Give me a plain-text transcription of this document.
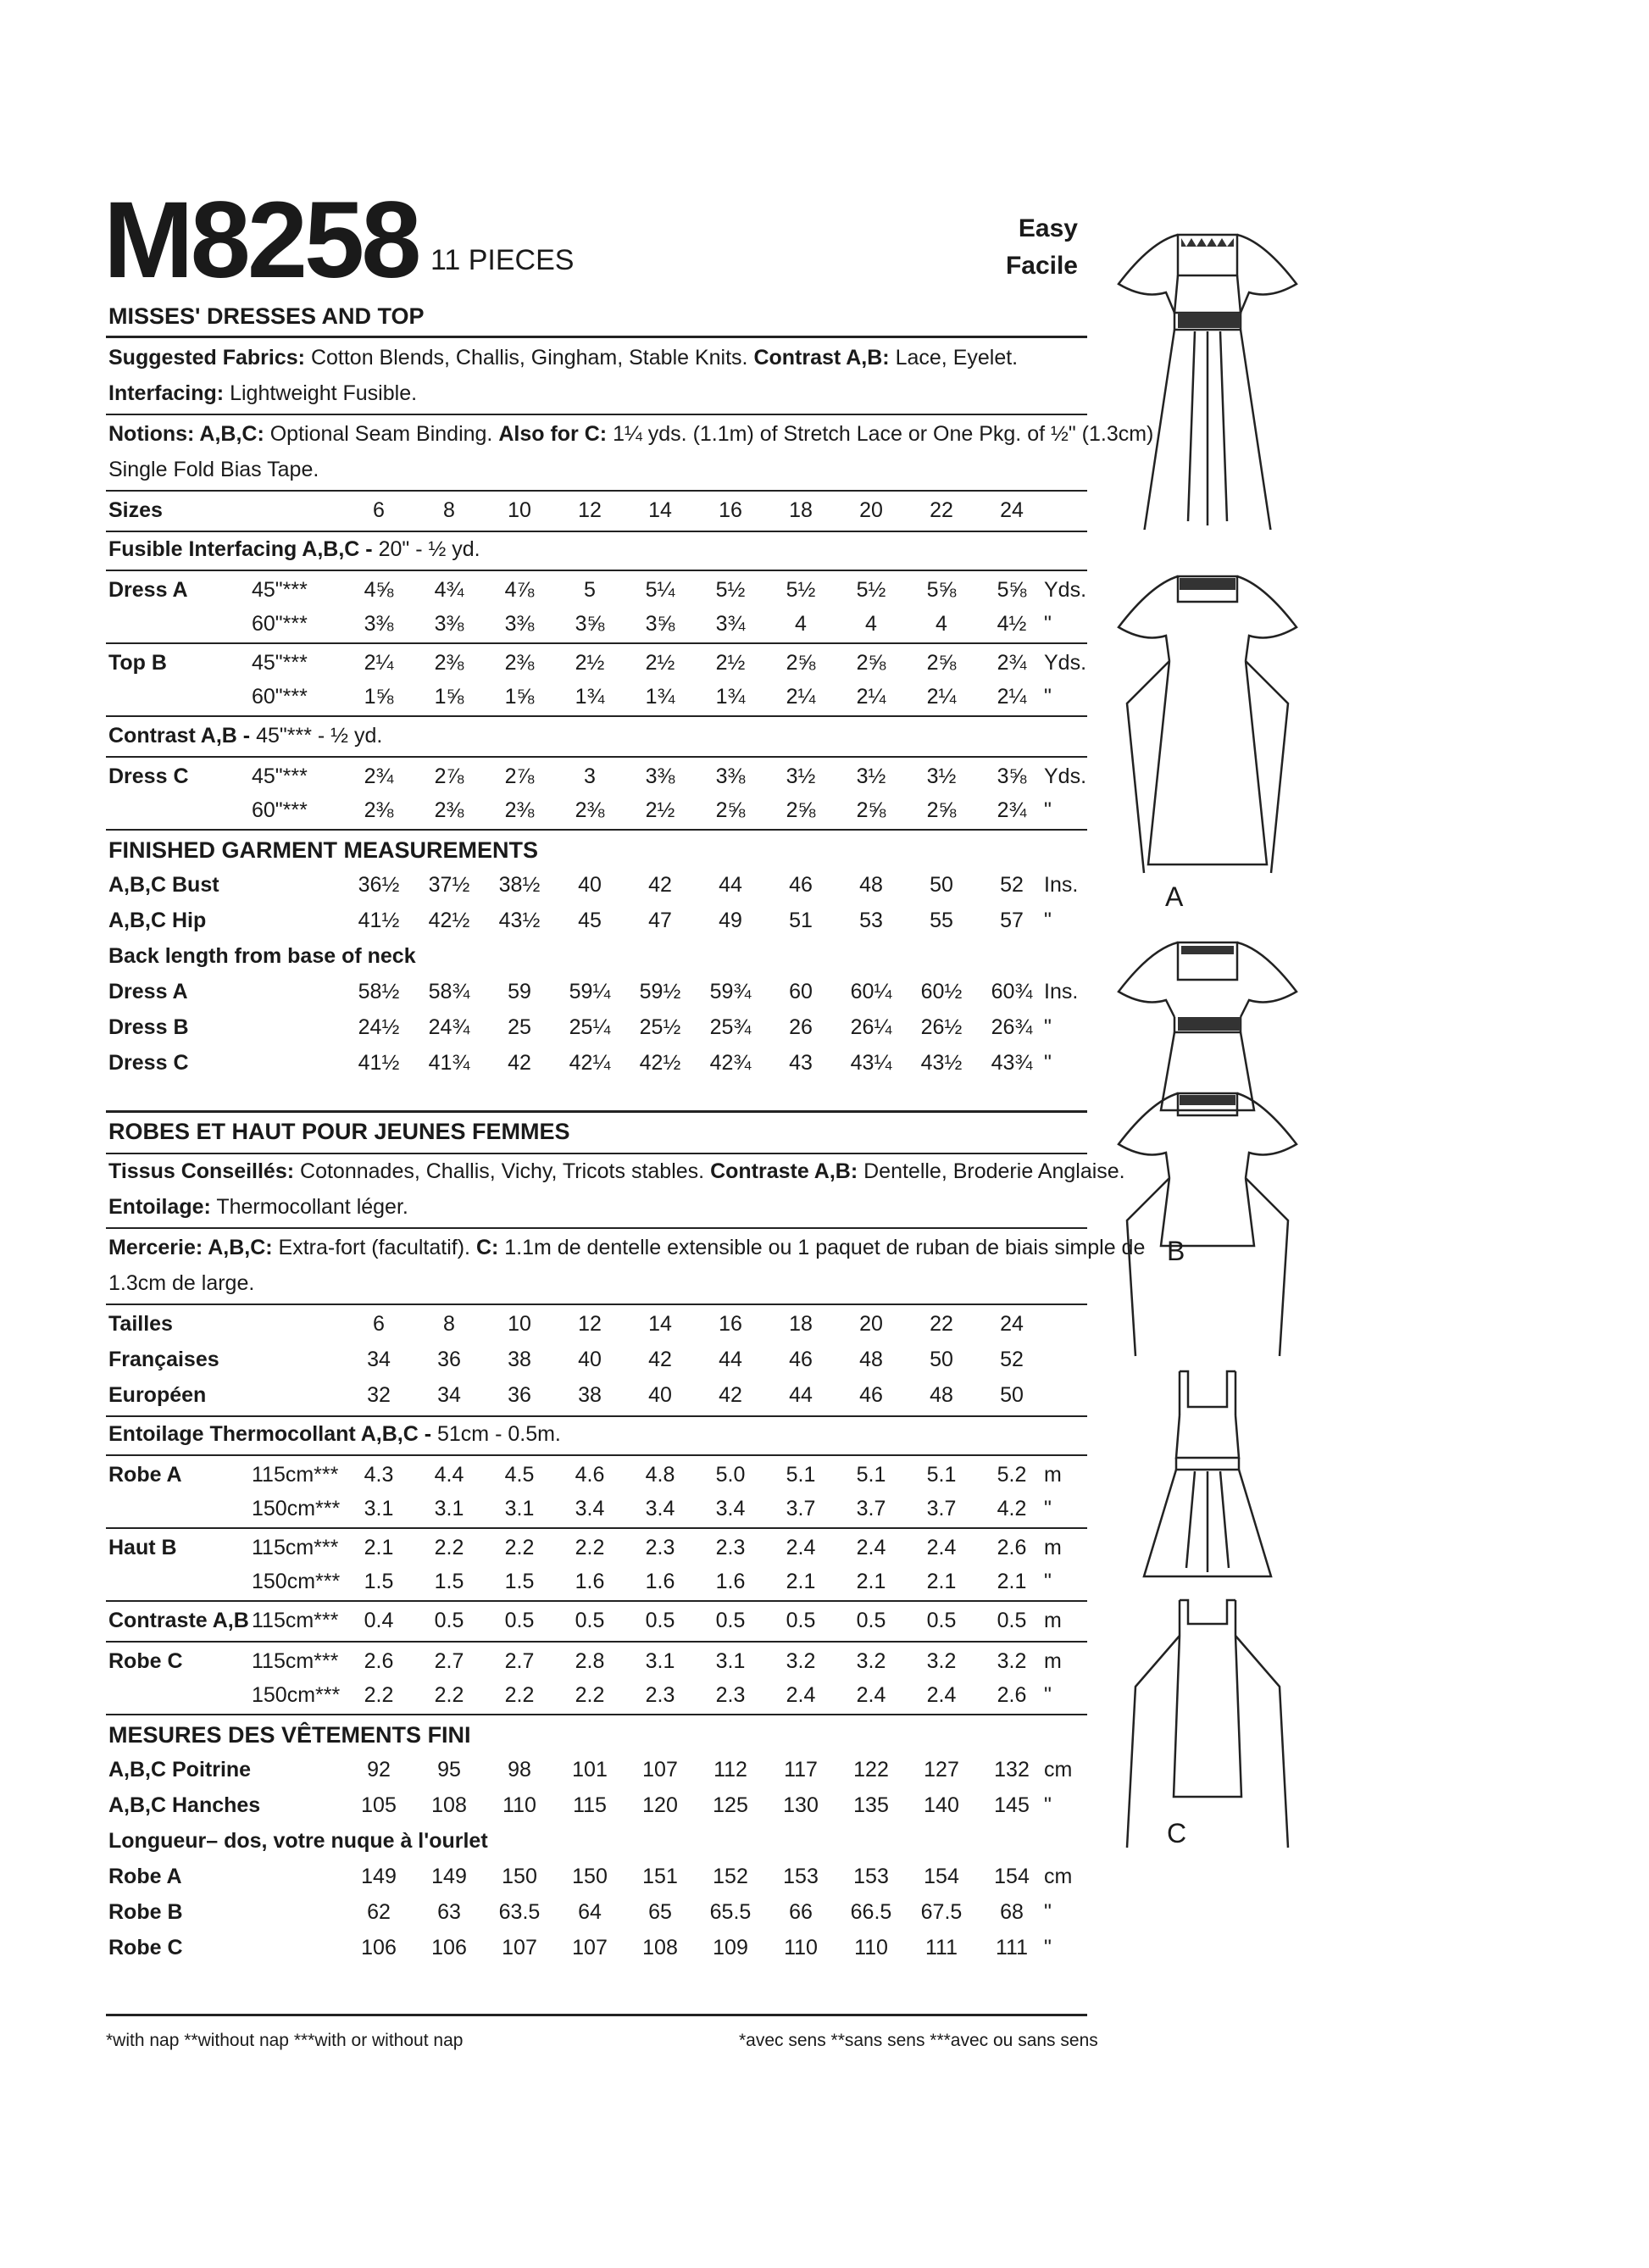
M8258 11 PIECES
Easy
Facile
MISSES' DRESSES AND TOP
Suggested Fabrics: Cotton Blends, Challis, Gingham, Stable Knits. Contrast A,B: Lace, Eyelet.
Interfacing: Lightweight Fusible.
Notions: A,B,C: Optional Seam Binding. Also for C: 1¼ yds. (1.1m) of Stretch Lace or One Pkg. of ½" (1.3cm)
Single Fold Bias Tape.
Sizes	6	8	10	12	14	16	18	20	22	24
Fusible Interfacing A,B,C - 20" - ½ yd.
Dress A	45"***	4⅝	4¾	4⅞	5	5¼	5½	5½	5½	5⅝	5⅝ Yds.
60"***	3⅜	3⅜	3⅜	3⅝	3⅝	3¾	4	4	4	4½ "
Top B	45"***	2¼	2⅜	2⅜	2½	2½	2½	2⅝	2⅝	2⅝	2¾ Yds.
60"***	1⅝	1⅝	1⅝	1¾	1¾	1¾	2¼	2¼	2¼	2¼ "
Contrast A,B - 45"*** - ½ yd.
Dress C	45"***	2¾	2⅞	2⅞	3	3⅜	3⅜	3½	3½	3½	3⅝ Yds.
60"***	2⅜	2⅜	2⅜	2⅜	2½	2⅝	2⅝	2⅝	2⅝	2¾ "
FINISHED GARMENT MEASUREMENTS
A,B,C Bust	36½	37½	38½	40	42	44	46	48	50	52 Ins.
A,B,C Hip	41½	42½	43½	45	47	49	51	53	55	57 "
Back length from base of neck
Dress A	58½	58¾	59	59¼	59½	59¾	60	60¼	60½	60¾ Ins.
Dress B	24½	24¾	25	25¼	25½	25¾	26	26¼	26½	26¾ "
Dress C	41½	41¾	42	42¼	42½	42¾	43	43¼	43½	43¾ "
ROBES ET HAUT POUR JEUNES FEMMES
Tissus Conseillés: Cotonnades, Challis, Vichy, Tricots stables. Contraste A,B: Dentelle, Broderie Anglaise.
Entoilage: Thermocollant léger.
Mercerie: A,B,C: Extra-fort (facultatif). C: 1.1m de dentelle extensible ou 1 paquet de ruban de biais simple de
1.3cm de large.
Tailles	6	8	10	12	14	16	18	20	22	24
Françaises	34	36	38	40	42	44	46	48	50	52
Européen	32	34	36	38	40	42	44	46	48	50
Entoilage Thermocollant A,B,C - 51cm - 0.5m.
Robe A	115cm***	4.3	4.4	4.5	4.6	4.8	5.0	5.1	5.1	5.1	5.2 m
150cm***	3.1	3.1	3.1	3.4	3.4	3.4	3.7	3.7	3.7	4.2 "
Haut B	115cm***	2.1	2.2	2.2	2.2	2.3	2.3	2.4	2.4	2.4	2.6 m
150cm***	1.5	1.5	1.5	1.6	1.6	1.6	2.1	2.1	2.1	2.1 "
Contraste A,B 115cm***	0.4	0.5	0.5	0.5	0.5	0.5	0.5	0.5	0.5	0.5 m
Robe C	115cm***	2.6	2.7	2.7	2.8	3.1	3.1	3.2	3.2	3.2	3.2 m
150cm***	2.2	2.2	2.2	2.2	2.3	2.3	2.4	2.4	2.4	2.6 "
MESURES DES VÊTEMENTS FINI
A,B,C Poitrine	92	95	98	101	107	112	117	122	127	132 cm
A,B,C Hanches	105	108	110	115	120	125	130	135	140	145 "
Longueur– dos, votre nuque à l'ourlet
Robe A	149	149	150	150	151	152	153	153	154	154 cm
Robe B	62	63	63.5	64	65	65.5	66	66.5	67.5	68 "
Robe C	106	106	107	107	108	109	110	110	111	111 "
A
B
C
*with nap **without nap ***with or without nap	*avec sens **sans sens ***avec ou sans sens
